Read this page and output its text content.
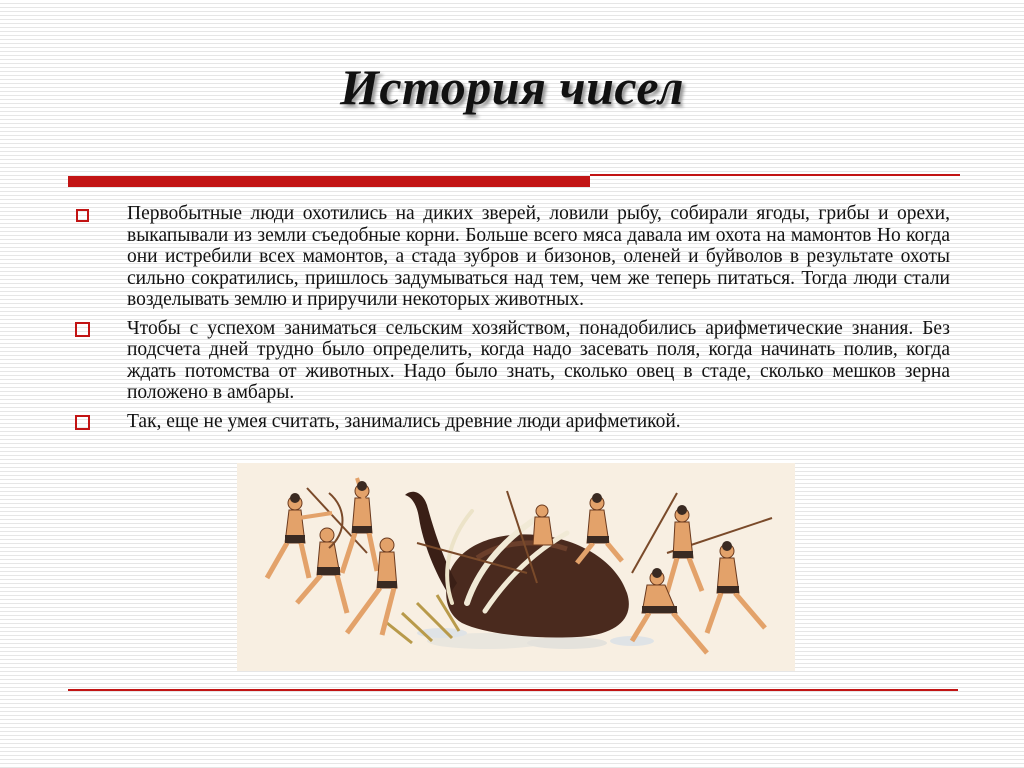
История чисел
Первобытные люди охотились на диких зверей, ловили рыбу, собирали ягоды, грибы и орехи, выкапывали из земли съедобные корни. Больше всего мяса давала им охота на мамонтов Но когда они истребили всех мамонтов, а стада зубров и бизонов, оленей и буйволов в результате охоты сильно сократились, пришлось задумываться над тем, чем же теперь питаться. Тогда люди стали возделывать землю и приручили некоторых животных.
Чтобы с успехом заниматься сельским хозяйством, понадобились арифметические знания. Без подсчета дней трудно было определить, когда надо засевать поля, когда начинать полив, когда ждать потомства от животных. Надо было знать, сколько овец в стаде, сколько мешков зерна положено в амбары.
Так, еще не умея считать, занимались древние люди арифметикой.
